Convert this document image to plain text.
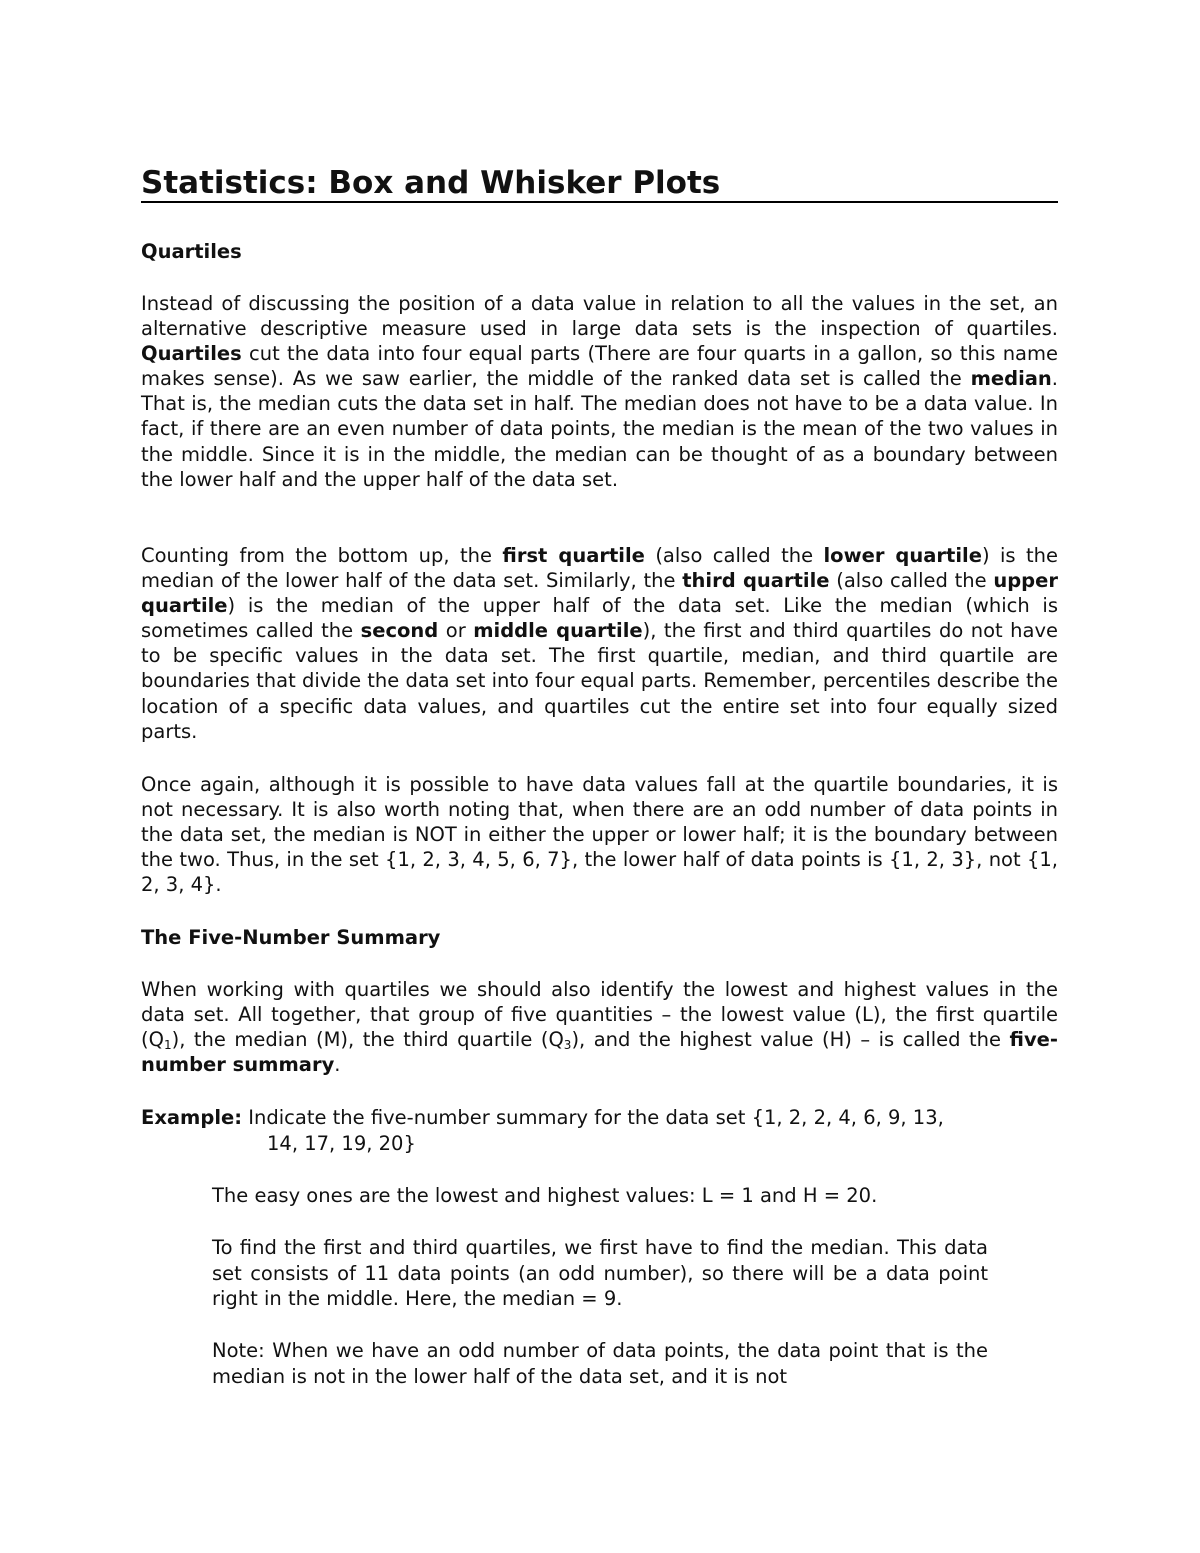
Statistics: Box and Whisker Plots
Quartiles

Instead of discussing the position of a data value in relation to all the values in the set, an alternative descriptive measure used in large data sets is the inspection of quartiles. Quartiles cut the data into four equal parts (There are four quarts in a gallon, so this name makes sense). As we saw earlier, the middle of the ranked data set is called the median. That is, the median cuts the data set in half. The median does not have to be a data value. In fact, if there are an even number of data points, the median is the mean of the two values in the middle. Since it is in the middle, the median can be thought of as a boundary between the lower half and the upper half of the data set.

Counting from the bottom up, the first quartile (also called the lower quartile) is the median of the lower half of the data set. Similarly, the third quartile (also called the upper quartile) is the median of the upper half of the data set. Like the median (which is sometimes called the second or middle quartile), the first and third quartiles do not have to be specific values in the data set. The first quartile, median, and third quartile are boundaries that divide the data set into four equal parts. Remember, percentiles describe the location of a specific data values, and quartiles cut the entire set into four equally sized parts.

Once again, although it is possible to have data values fall at the quartile boundaries, it is not necessary. It is also worth noting that, when there are an odd number of data points in the data set, the median is NOT in either the upper or lower half; it is the boundary between the two. Thus, in the set {1, 2, 3, 4, 5, 6, 7}, the lower half of data points is {1, 2, 3}, not {1, 2, 3, 4}.

The Five-Number Summary

When working with quartiles we should also identify the lowest and highest values in the data set. All together, that group of five quantities – the lowest value (L), the first quartile $(Q_1)$, the median (M), the third quartile $(Q_3)$, and the highest value (H) – is called the five-number summary.

Example: Indicate the five-number summary for the data set {1, 2, 2, 4, 6, 9, 13,

14, 17, 19, 20}

The easy ones are the lowest and highest values: L = 1 and H = 20.

To find the first and third quartiles, we first have to find the median. This data set consists of 11 data points (an odd number), so there will be a data point right in the middle. Here, the median = 9.

Note: When we have an odd number of data points, the data point that is the median is not in the lower half of the data set, and it is not
